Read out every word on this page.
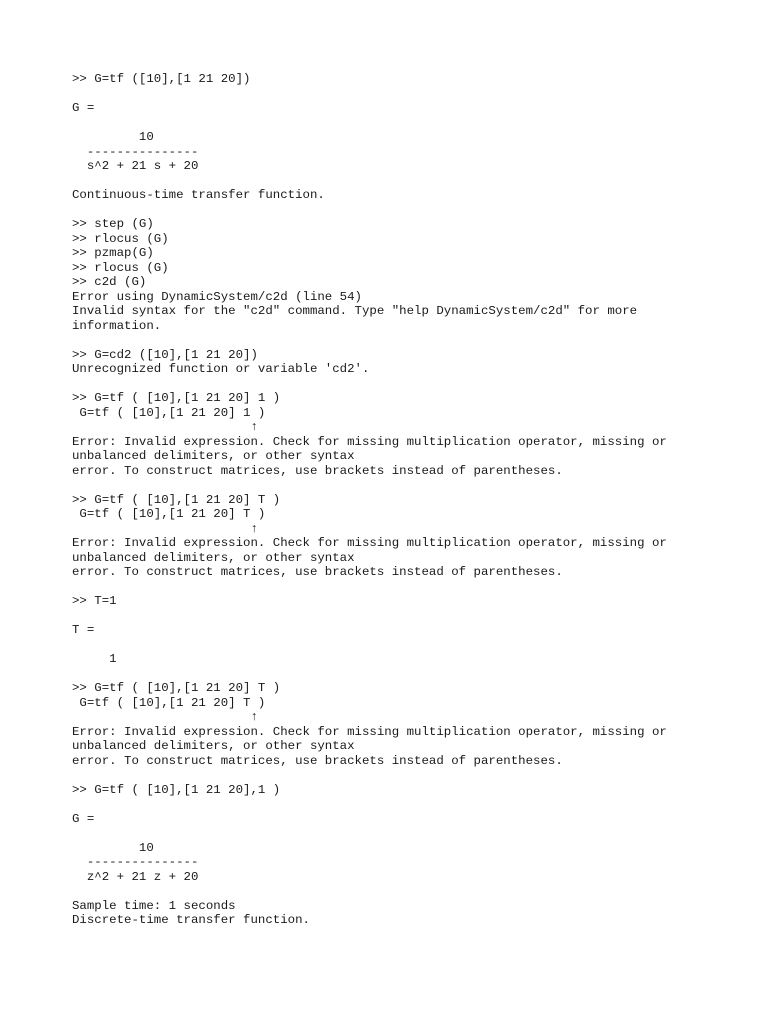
>> G=tf ([10],[1 21 20])
G =
10
---------------
s^2 + 21 s + 20
Continuous-time transfer function.
>> step (G)
>> rlocus (G)
>> pzmap(G)
>> rlocus (G)
>> c2d (G)
Error using DynamicSystem/c2d (line 54)
Invalid syntax for the "c2d" command. Type "help DynamicSystem/c2d" for more
information.
>> G=cd2 ([10],[1 21 20])
Unrecognized function or variable 'cd2'.
>> G=tf ( [10],[1 21 20] 1 )
G=tf ( [10],[1 21 20] 1 )
↑
Error: Invalid expression. Check for missing multiplication operator, missing or
unbalanced delimiters, or other syntax
error. To construct matrices, use brackets instead of parentheses.
>> G=tf ( [10],[1 21 20] T )
G=tf ( [10],[1 21 20] T )
↑
Error: Invalid expression. Check for missing multiplication operator, missing or
unbalanced delimiters, or other syntax
error. To construct matrices, use brackets instead of parentheses.
>> T=1
T =
1
>> G=tf ( [10],[1 21 20] T )
G=tf ( [10],[1 21 20] T )
↑
Error: Invalid expression. Check for missing multiplication operator, missing or
unbalanced delimiters, or other syntax
error. To construct matrices, use brackets instead of parentheses.
>> G=tf ( [10],[1 21 20],1 )
G =
10
---------------
z^2 + 21 z + 20
Sample time: 1 seconds
Discrete-time transfer function.
